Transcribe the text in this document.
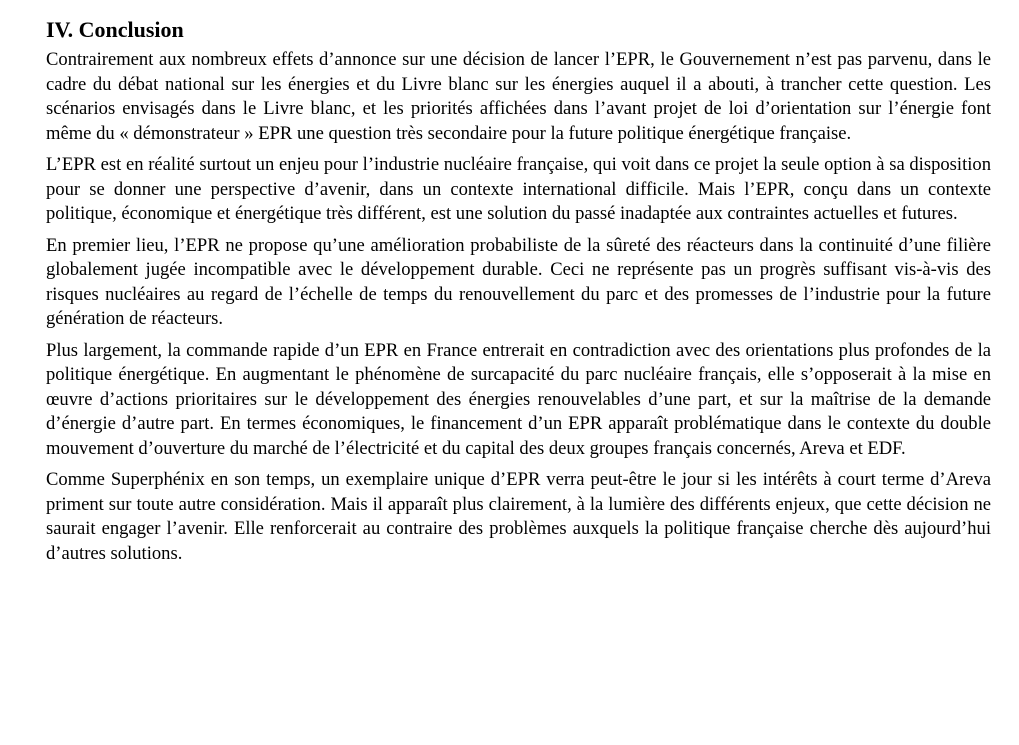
IV. Conclusion

Contrairement aux nombreux effets d’annonce sur une décision de lancer l’EPR, le Gouvernement n’est pas parvenu, dans le cadre du débat national sur les énergies et du Livre blanc sur les énergies auquel il a abouti, à trancher cette question. Les scénarios envisagés dans le Livre blanc, et les priorités affichées dans l’avant projet de loi d’orientation sur l’énergie font même du « démonstrateur » EPR une question très secondaire pour la future politique énergétique française.

L’EPR est en réalité surtout un enjeu pour l’industrie nucléaire française, qui voit dans ce projet la seule option à sa disposition pour se donner une perspective d’avenir, dans un contexte international difficile. Mais l’EPR, conçu dans un contexte politique, économique et énergétique très différent, est une solution du passé inadaptée aux contraintes actuelles et futures.

En premier lieu, l’EPR ne propose qu’une amélioration probabiliste de la sûreté des réacteurs dans la continuité d’une filière globalement jugée incompatible avec le développement durable. Ceci ne représente pas un progrès suffisant vis-à-vis des risques nucléaires au regard de l’échelle de temps du renouvellement du parc et des promesses de l’industrie pour la future génération de réacteurs.

Plus largement, la commande rapide d’un EPR en France entrerait en contradiction avec des orientations plus profondes de la politique énergétique. En augmentant le phénomène de surcapacité du parc nucléaire français, elle s’opposerait à la mise en œuvre d’actions prioritaires sur le développement des énergies renouvelables d’une part, et sur la maîtrise de la demande d’énergie d’autre part. En termes économiques, le financement d’un EPR apparaît problématique dans le contexte du double mouvement d’ouverture du marché de l’électricité et du capital des deux groupes français concernés, Areva et EDF.

Comme Superphénix en son temps, un exemplaire unique d’EPR verra peut-être le jour si les intérêts à court terme d’Areva priment sur toute autre considération. Mais il apparaît plus clairement, à la lumière des différents enjeux, que cette décision ne saurait engager l’avenir. Elle renforcerait au contraire des problèmes auxquels la politique française cherche dès aujourd’hui d’autres solutions.
